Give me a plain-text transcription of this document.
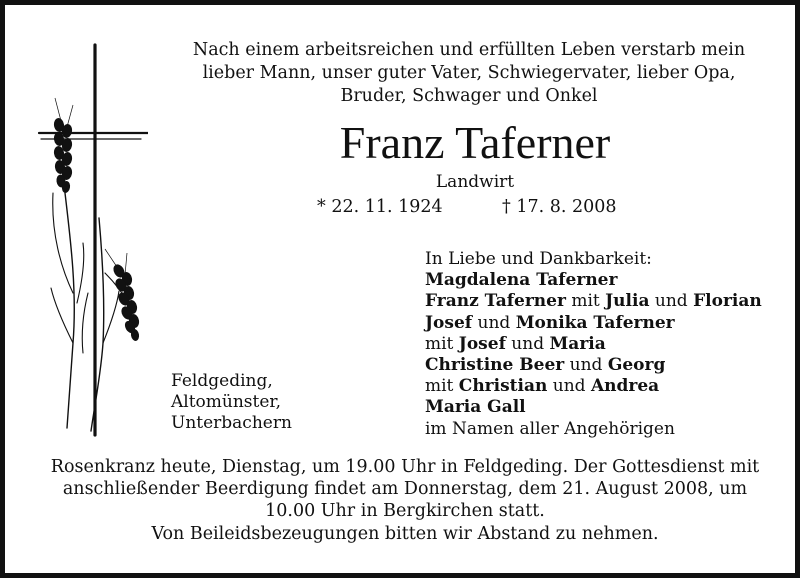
Nach einem arbeitsreichen und erfüllten Leben verstarb mein
lieber Mann, unser guter Vater, Schwiegervater, lieber Opa,
Bruder, Schwager und Onkel
Franz Taferner
Landwirt
* 22. 11. 1924	† 17. 8. 2008
In Liebe und Dankbarkeit:
Magdalena Taferner
Franz Taferner mit Julia und Florian
Josef und Monika Taferner
mit Josef und Maria
Christine Beer und Georg
mit Christian und Andrea
Maria Gall
im Namen aller Angehörigen
Feldgeding,
Altomünster,
Unterbachern
Rosenkranz heute, Dienstag, um 19.00 Uhr in Feldgeding. Der Gottesdienst mit
anschließender Beerdigung findet am Donnerstag, dem 21. August 2008, um
10.00 Uhr in Bergkirchen statt.
Von Beileidsbezeugungen bitten wir Abstand zu nehmen.
